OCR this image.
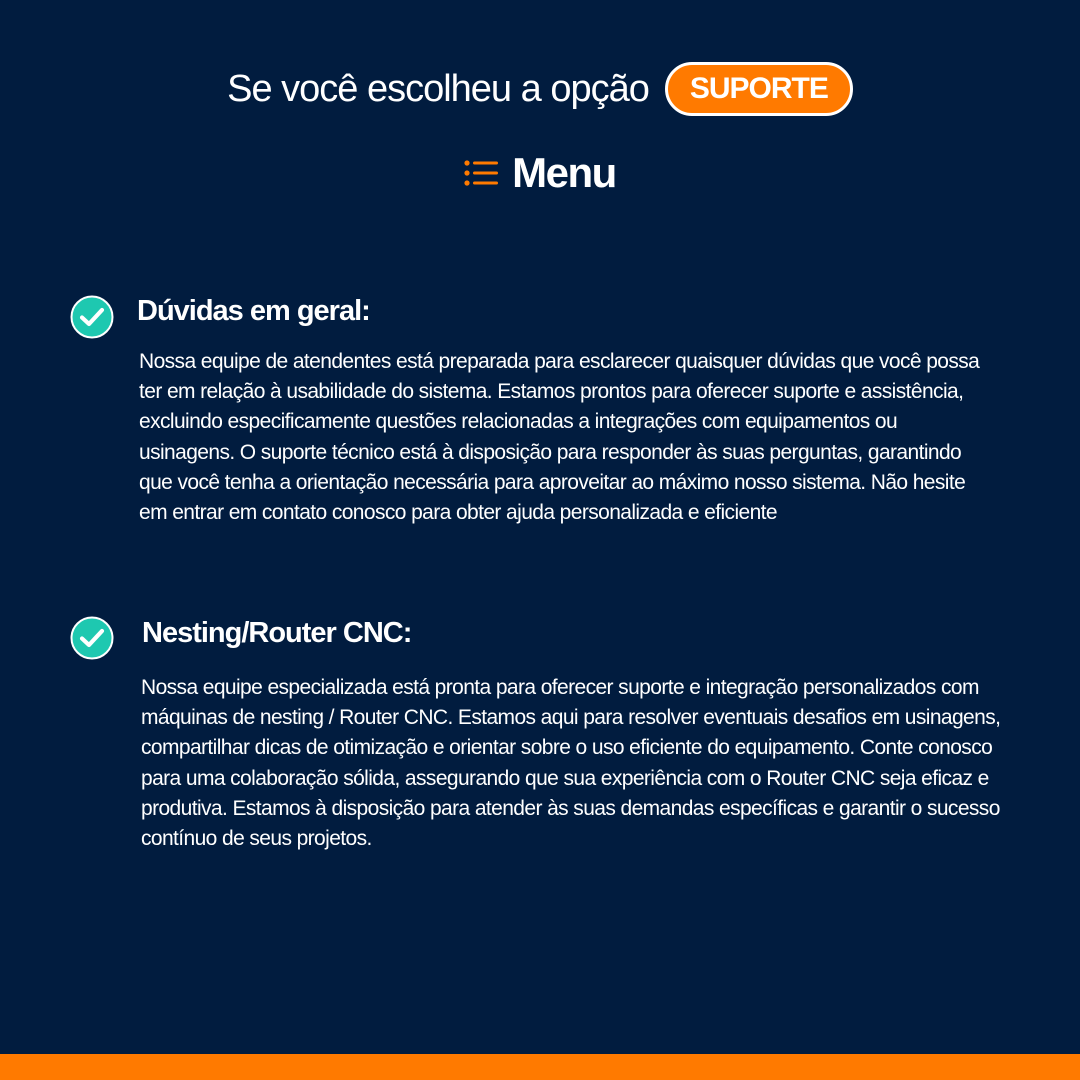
Se você escolheu a opção	SUPORTE
Menu
Dúvidas em geral:
Nossa equipe de atendentes está preparada para esclarecer quaisquer dúvidas que você possa ter em relação à usabilidade do sistema. Estamos prontos para oferecer suporte e assistência, excluindo especificamente questões relacionadas a integrações com equipamentos ou usinagens. O suporte técnico está à disposição para responder às suas perguntas, garantindo que você tenha a orientação necessária para aproveitar ao máximo nosso sistema. Não hesite em entrar em contato conosco para obter ajuda personalizada e eficiente
Nesting/Router CNC:
Nossa equipe especializada está pronta para oferecer suporte e integração personalizados com máquinas de nesting / Router CNC. Estamos aqui para resolver eventuais desafios em usinagens, compartilhar dicas de otimização e orientar sobre o uso eficiente do equipamento. Conte conosco para uma colaboração sólida, assegurando que sua experiência com o Router CNC seja eficaz e produtiva. Estamos à disposição para atender às suas demandas específicas e garantir o sucesso contínuo de seus projetos.
